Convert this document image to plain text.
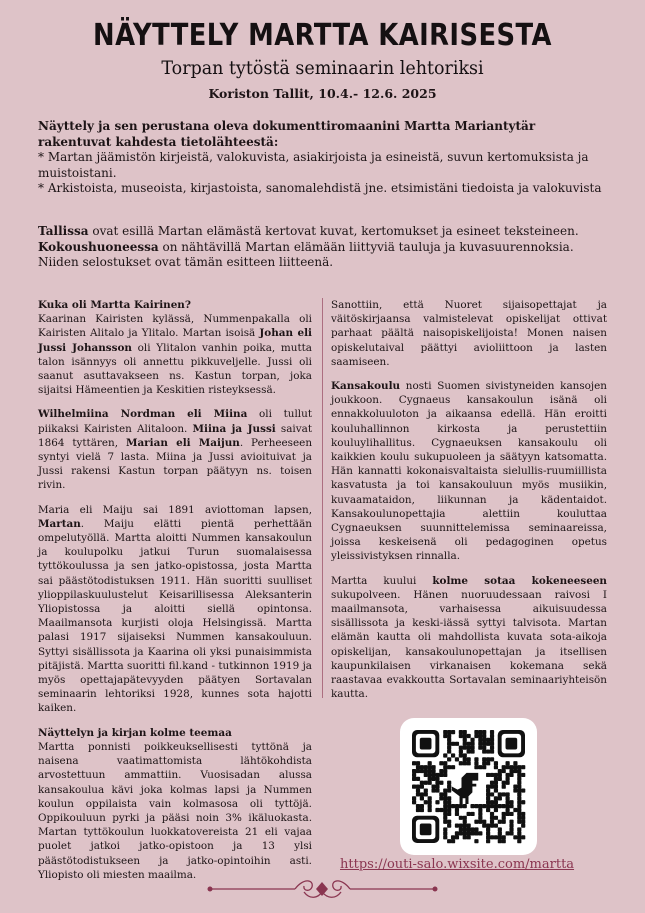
NÄYTTELY MARTTA KAIRISESTA
Torpan tytöstä seminaarin lehtoriksi
Koriston Tallit, 10.4.- 12.6. 2025

Näyttely ja sen perustana oleva dokumenttiromaanini Martta Mariantytär rakentuvat kahdesta tietolähteestä:

* Martan jäämistön kirjeistä, valokuvista, asiakirjoista ja esineistä, suvun kertomuksista ja muistoistani.

* Arkistoista, museoista, kirjastoista, sanomalehdistä jne. etsimistäni tiedoista ja valokuvista

Tallissa ovat esillä Martan elämästä kertovat kuvat, kertomukset ja esineet teksteineen.

Kokoushuoneessa on nähtävillä Martan elämään liittyviä tauluja ja kuvasuurennoksia. Niiden selostukset ovat tämän esitteen liitteenä.

Kuka oli Martta Kairinen?

Kaarinan Kairisten kylässä, Nummenpakalla oli Kairisten Alitalo ja Ylitalo. Martan isoisä Johan eli Jussi Johansson oli Ylitalon vanhin poika, mutta talon isännyys oli annettu pikkuveljelle. Jussi oli saanut asuttavakseen ns. Kastun torpan, joka sijaitsi Hämeentien ja Keskitien risteyksessä.

Wilhelmiina Nordman eli Miina oli tullut piikaksi Kairisten Alitaloon. Miina ja Jussi saivat 1864 tyttären, Marian eli Maijun. Perheeseen syntyi vielä 7 lasta. Miina ja Jussi avioituivat ja Jussi rakensi Kastun torpan päätyyn ns. toisen rivin.

Maria eli Maiju sai 1891 aviottoman lapsen, Martan. Maiju elätti pientä perhettään ompelutyöllä. Martta aloitti Nummen kansakoulun ja koulupolku jatkui Turun suomalaisessa tyttökoulussa ja sen jatko-opistossa, josta Martta sai päästötodistuksen 1911. Hän suoritti suulliset ylioppilaskuulustelut Keisarillisessa Aleksanterin Yliopistossa ja aloitti siellä opintonsa. Maailmansota kurjisti oloja Helsingissä. Martta palasi 1917 sijaiseksi Nummen kansakouluun. Syttyi sisällissota ja Kaarina oli yksi punaisimmista pitäjistä. Martta suoritti fil.kand - tutkinnon 1919 ja myös opettajapätevyyden päätyen Sortavalan seminaarin lehtoriksi 1928, kunnes sota hajotti kaiken.

Näyttelyn ja kirjan kolme teemaa

Martta ponnisti poikkeuksellisesti tyttönä ja naisena vaatimattomista lähtökohdista arvostettuun ammattiin. Vuosisadan alussa kansakoulua kävi joka kolmas lapsi ja Nummen koulun oppilaista vain kolmasosa oli tyttöjä. Oppikouluun pyrki ja pääsi noin 3% ikäluokasta. Martan tyttökoulun luokkatovereista 21 eli vajaa puolet jatkoi jatko-opistoon ja 13 ylsi päästötodistukseen ja jatko-opintoihin asti. Yliopisto oli miesten maailma.

Sanottiin, että Nuoret sijaisopettajat ja väitöskirjaansa valmistelevat opiskelijat ottivat parhaat päältä naisopiskelijoista! Monen naisen opiskelutaival päättyi avioliittoon ja lasten saamiseen.

Kansakoulu nosti Suomen sivistyneiden kansojen joukkoon. Cygnaeus kansakoulun isänä oli ennakkoluuloton ja aikaansa edellä. Hän eroitti kouluhallinnon kirkosta ja perustettiin kouluylihallitus. Cygnaeuksen kansakoulu oli kaikkien koulu sukupuoleen ja säätyyn katsomatta. Hän kannatti kokonaisvaltaista sielullis-ruumiillista kasvatusta ja toi kansakouluun myös musiikin, kuvaamataidon, liikunnan ja kädentaidot. Kansakoulunopettajia alettiin kouluttaa Cygnaeuksen suunnittelemissa seminaareissa, joissa keskeisenä oli pedagoginen opetus yleissivistyksen rinnalla.

Martta kuului kolme sotaa kokeneeseen sukupolveen. Hänen nuoruudessaan raivosi I maailmansota, varhaisessa aikuisuudessa sisällissota ja keski-iässä syttyi talvisota. Martan elämän kautta oli mahdollista kuvata sota-aikoja opiskelijan, kansakoulunopettajan ja itsellisen kaupunkilaisen virkanaisen kokemana sekä raastavaa evakkoutta Sortavalan seminaariyhteisön kautta.

https://outi-salo.wixsite.com/martta
